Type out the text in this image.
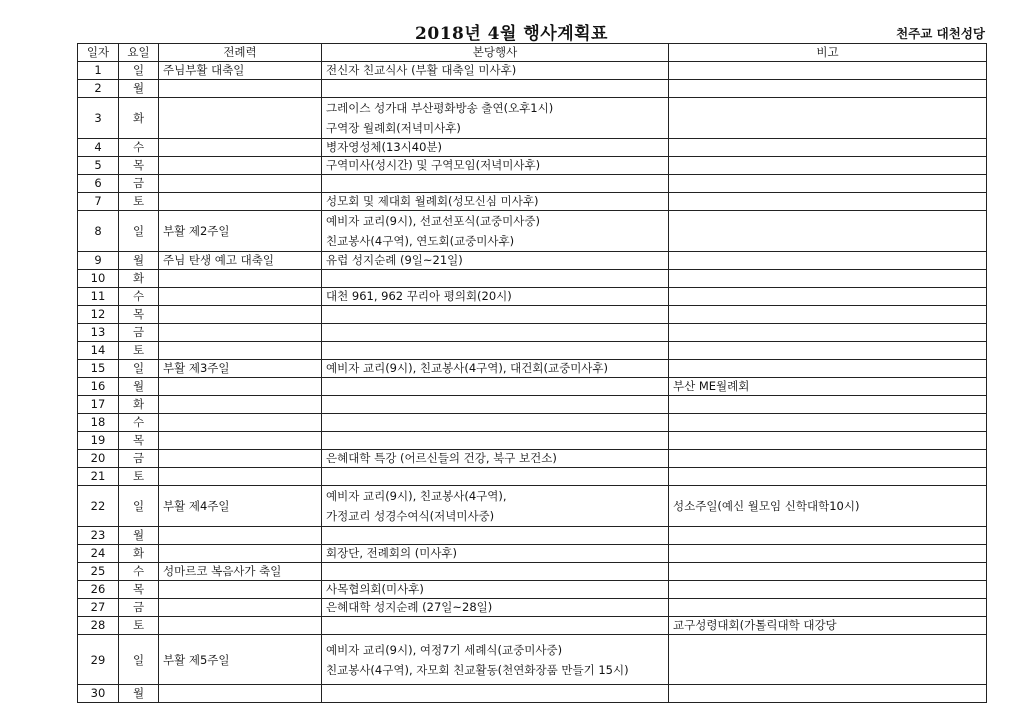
2018년 4월 행사계획표	천주교 대천성당
일자	요일	전례력	본당행사	비고
1	일	주님부활 대축일	전신자 친교식사 (부활 대축일 미사후)	

2	월			
3	화		그레이스 성가대 부산평화방송 출연(오후1시)
구역장 월례회(저녁미사후)	

4	수		병자영성체(13시40분)	

5	목		구역미사(성시간) 및 구역모임(저녁미사후)	

6	금			
7	토		성모회 및 제대회 월례회(성모신심 미사후)	

8	일	부활 제2주일	예비자 교리(9시), 선교선포식(교중미사중)
친교봉사(4구역), 연도회(교중미사후)	

9	월	주님 탄생 예고 대축일	유럽 성지순례 (9일~21일)	

10	화			
11	수		대천 961, 962 꾸리아 평의회(20시)	

12	목			
13	금			
14	토			
15	일	부활 제3주일	예비자 교리(9시), 친교봉사(4구역), 대건회(교중미사후)	

16	월			부산 ME월례회
17	화			
18	수			
19	목			
20	금		은혜대학 특강 (어르신들의 건강, 북구 보건소)	

21	토			
22	일	부활 제4주일	예비자 교리(9시), 친교봉사(4구역),
가정교리 성경수여식(저녁미사중)	성소주일(예신 월모임 신학대학10시)
23	월			
24	화		회장단, 전례회의 (미사후)	

25	수	성마르코 복음사가 축일		
26	목		사목협의회(미사후)	

27	금		은혜대학 성지순례 (27일~28일)	

28	토			교구성령대회(가톨릭대학 대강당
29	일	부활 제5주일	예비자 교리(9시), 여정7기 세례식(교중미사중)
친교봉사(4구역), 자모회 친교활동(천연화장품 만들기 15시)	

30	월			
